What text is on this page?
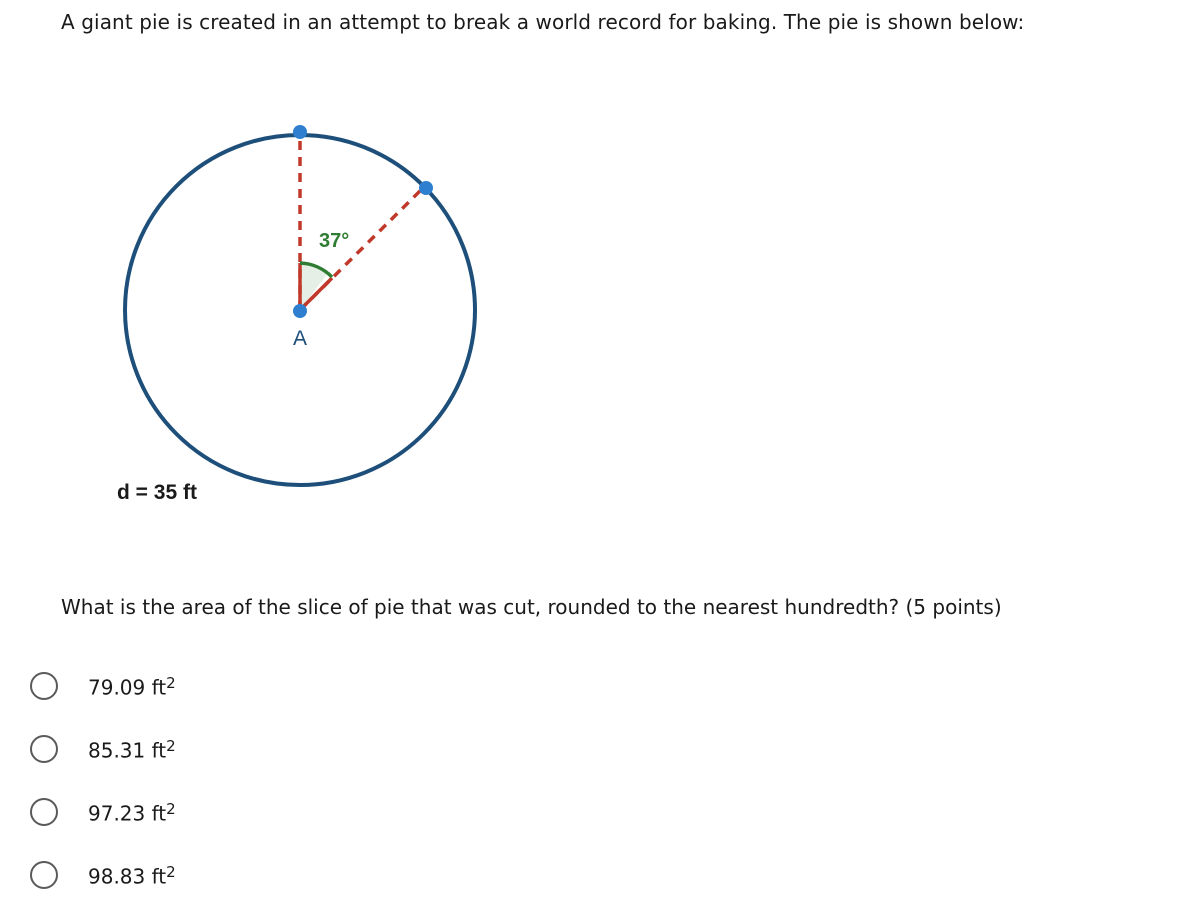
A giant pie is created in an attempt to break a world record for baking. The pie is shown below:
37°
A
d = 35 ft
What is the area of the slice of pie that was cut, rounded to the nearest hundredth? (5 points)
79.09 $ft^2$
85.31 $ft^2$
97.23 $ft^2$
98.83 $ft^2$
